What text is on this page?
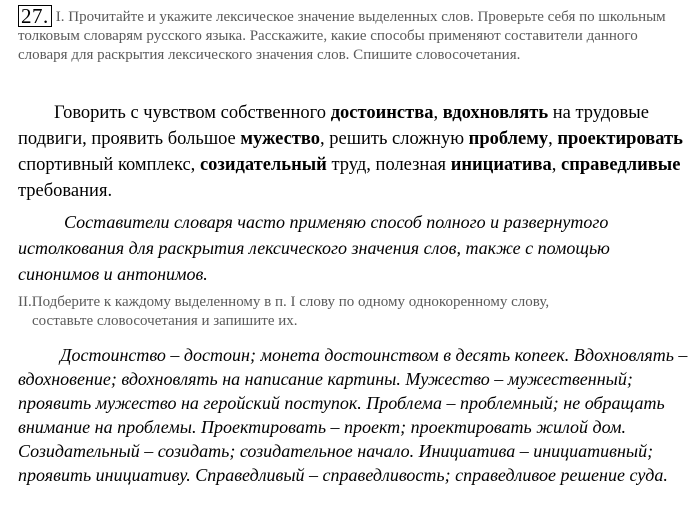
27. I. Прочитайте и укажите лексическое значение выделенных слов. Проверьте себя по школьным толковым словарям русского языка. Расскажите, какие способы применяют составители данного словаря для раскрытия лексического значения слов. Спишите словосочетания.
Говорить с чувством собственного достоинства, вдохновлять на трудовые подвиги, проявить большое мужество, решить сложную проблему, проектировать спортивный комплекс, созидательный труд, полезная инициатива, справедливые требования.
Составители словаря часто применяю способ полного и развернутого истолкования для раскрытия лексического значения слов, также с помощью синонимов и антонимов.
II.Подберите к каждому выделенному в п. I слову по одному однокоренному слову,
составьте словосочетания и запишите их.
Достоинство – достоин; монета достоинством в десять копеек. Вдохновлять – вдохновение; вдохновлять на написание картины. Мужество – мужественный; проявить мужество на геройский поступок. Проблема – проблемный; не обращать внимание на проблемы. Проектировать – проект; проектировать жилой дом. Созидательный – созидать; созидательное начало. Инициатива – инициативный; проявить инициативу. Справедливый – справедливость; справедливое решение суда.
